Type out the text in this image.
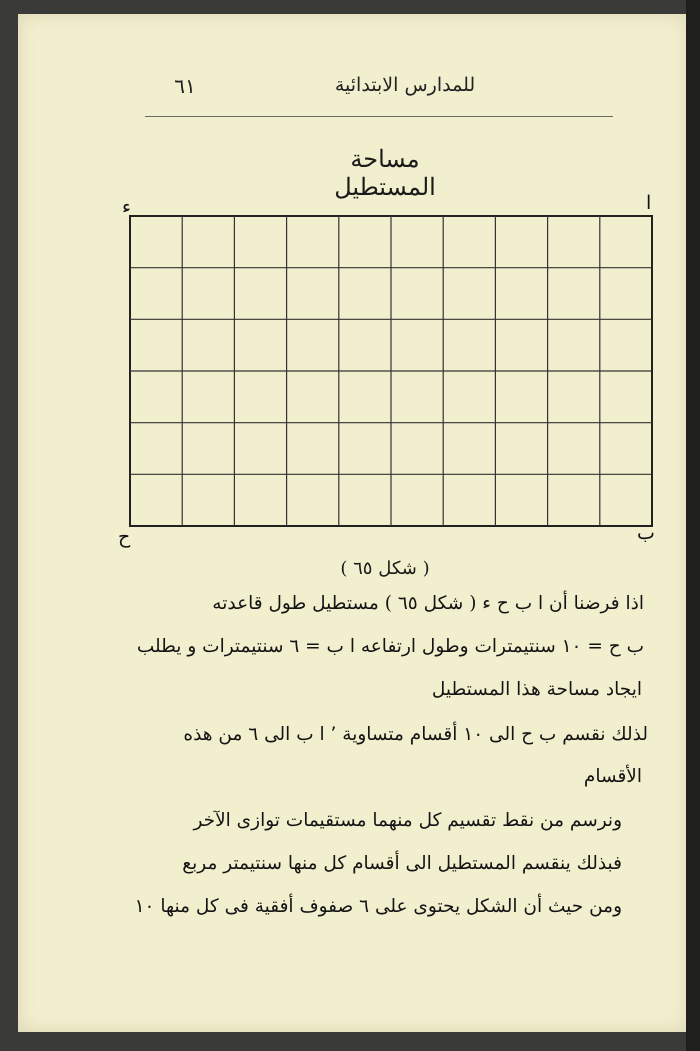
للمدارس الابتدائية
٦١
مساحة المستطيل
ا
ء
ب
ح
( شكل ٦٥ )
اذا فرضنا أن ا ب ح ء ( شكل ٦٥ ) مستطيل طول قاعدته
ب ح = ١٠ سنتيمترات وطول ارتفاعه ا ب = ٦ سنتيمترات و يطلب
ايجاد مساحة هذا المستطيل
لذلك نقسم ب ح الى ١٠ أقسام متساوية ٬ ا ب الى ٦ من هذه
الأقسام
ونرسم من نقط تقسيم كل منهما مستقيمات توازى الآخر
فبذلك ينقسم المستطيل الى أقسام كل منها سنتيمتر مربع
ومن حيث أن الشكل يحتوى على ٦ صفوف أفقية فى كل منها ١٠
